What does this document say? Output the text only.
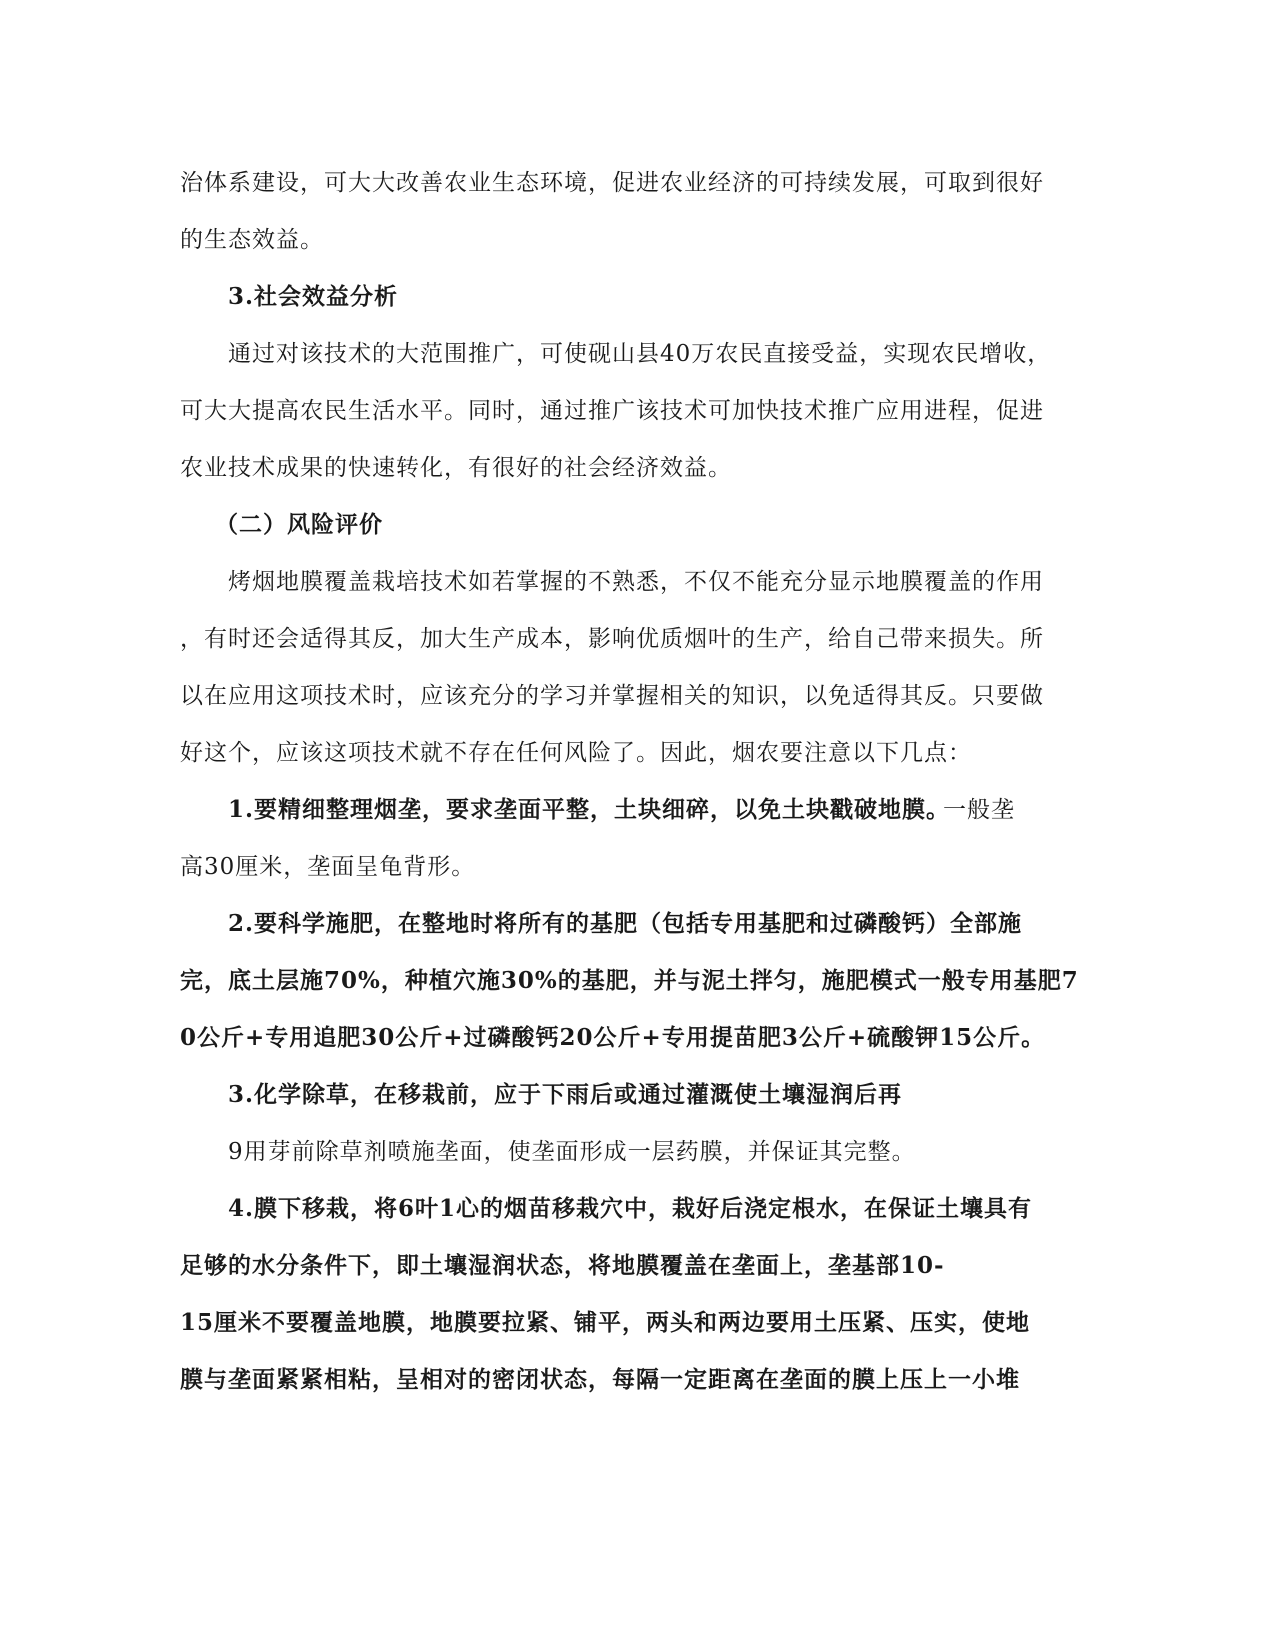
治体系建设，可大大改善农业生态环境，促进农业经济的可持续发展，可取到很好
的生态效益。
3.社会效益分析
通过对该技术的大范围推广，可使砚山县40万农民直接受益，实现农民增收，
可大大提高农民生活水平。同时，通过推广该技术可加快技术推广应用进程，促进
农业技术成果的快速转化，有很好的社会经济效益。
（二）风险评价
烤烟地膜覆盖栽培技术如若掌握的不熟悉，不仅不能充分显示地膜覆盖的作用
，有时还会适得其反，加大生产成本，影响优质烟叶的生产，给自己带来损失。所
以在应用这项技术时，应该充分的学习并掌握相关的知识，以免适得其反。只要做
好这个，应该这项技术就不存在任何风险了。因此，烟农要注意以下几点：
1.要精细整理烟垄，要求垄面平整，土块细碎，以免土块戳破地膜。
一般垄
高30厘米，垄面呈龟背形。
2.要科学施肥，在整地时将所有的基肥（包括专用基肥和过磷酸钙）全部施
完，底土层施70%，种植穴施30%的基肥，并与泥土拌匀，施肥模式一般专用基肥7
0公斤+专用追肥30公斤+过磷酸钙20公斤+专用提苗肥3公斤+硫酸钾15公斤。
3.化学除草，在移栽前，应于下雨后或通过灌溉使土壤湿润后再
9用芽前除草剂喷施垄面，使垄面形成一层药膜，并保证其完整。
4.膜下移栽，将6叶1心的烟苗移栽穴中，栽好后浇定根水，在保证土壤具有
足够的水分条件下，即土壤湿润状态，将地膜覆盖在垄面上，垄基部10-
15厘米不要覆盖地膜，地膜要拉紧、铺平，两头和两边要用土压紧、压实，使地
膜与垄面紧紧相粘，呈相对的密闭状态，每隔一定距离在垄面的膜上压上一小堆
